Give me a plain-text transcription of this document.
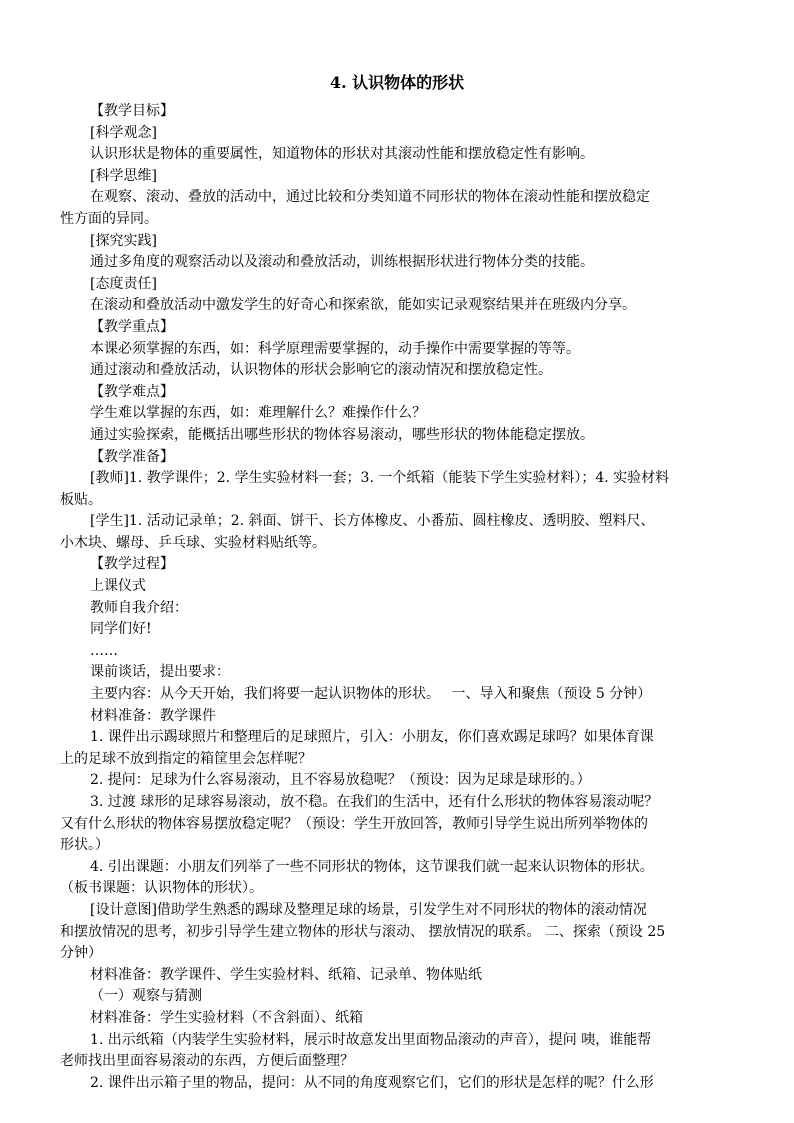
4. 认识物体的形状
【教学目标】
[科学观念]
认识形状是物体的重要属性，知道物体的形状对其滚动性能和摆放稳定性有影响。
[科学思维]
在观察、滚动、叠放的活动中，通过比较和分类知道不同形状的物体在滚动性能和摆放稳定
性方面的异同。
[探究实践]
通过多角度的观察活动以及滚动和叠放活动，训练根据形状进行物体分类的技能。
[态度责任]
在滚动和叠放活动中激发学生的好奇心和探索欲，能如实记录观察结果并在班级内分享。
【教学重点】
本课必须掌握的东西，如：科学原理需要掌握的，动手操作中需要掌握的等等。
通过滚动和叠放活动，认识物体的形状会影响它的滚动情况和摆放稳定性。
【教学难点】
学生难以掌握的东西，如：难理解什么？难操作什么？
通过实验探索，能概括出哪些形状的物体容易滚动，哪些形状的物体能稳定摆放。
【教学准备】
[教师]1. 教学课件；2. 学生实验材料一套；3. 一个纸箱（能装下学生实验材料）；4. 实验材料
板贴。
[学生]1. 活动记录单；2. 斜面、饼干、长方体橡皮、小番茄、圆柱橡皮、透明胶、塑料尺、
小木块、螺母、乒乓球、实验材料贴纸等。
【教学过程】
上课仪式
教师自我介绍：
同学们好!
……
课前谈话，提出要求：
主要内容：从今天开始，我们将要一起认识物体的形状。　 一、导入和聚焦（预设 5 分钟）
材料准备：教学课件
1. 课件出示踢球照片和整理后的足球照片，引入：小朋友，你们喜欢踢足球吗？如果体育课
上的足球不放到指定的箱筐里会怎样呢？
2. 提问：足球为什么容易滚动，且不容易放稳呢？（预设：因为足球是球形的。）
3. 过渡 球形的足球容易滚动，放不稳。在我们的生活中，还有什么形状的物体容易滚动呢？
又有什么形状的物体容易摆放稳定呢？（预设：学生开放回答，教师引导学生说出所列举物体的
形状。）
4. 引出课题：小朋友们列举了一些不同形状的物体，这节课我们就一起来认识物体的形状。
（板书课题：认识物体的形状）。
[设计意图]借助学生熟悉的踢球及整理足球的场景，引发学生对不同形状的物体的滚动情况
和摆放情况的思考，初步引导学生建立物体的形状与滚动、 摆放情况的联系。 二、探索（预设 25
分钟）
材料准备：教学课件、学生实验材料、纸箱、记录单、物体贴纸
（一）观察与猜测
材料准备：学生实验材料（不含斜面）、纸箱
1. 出示纸箱（内装学生实验材料，展示时故意发出里面物品滚动的声音），提问 咦，谁能帮
老师找出里面容易滚动的东西，方便后面整理？
2. 课件出示箱子里的物品，提问：从不同的角度观察它们，它们的形状是怎样的呢？什么形
